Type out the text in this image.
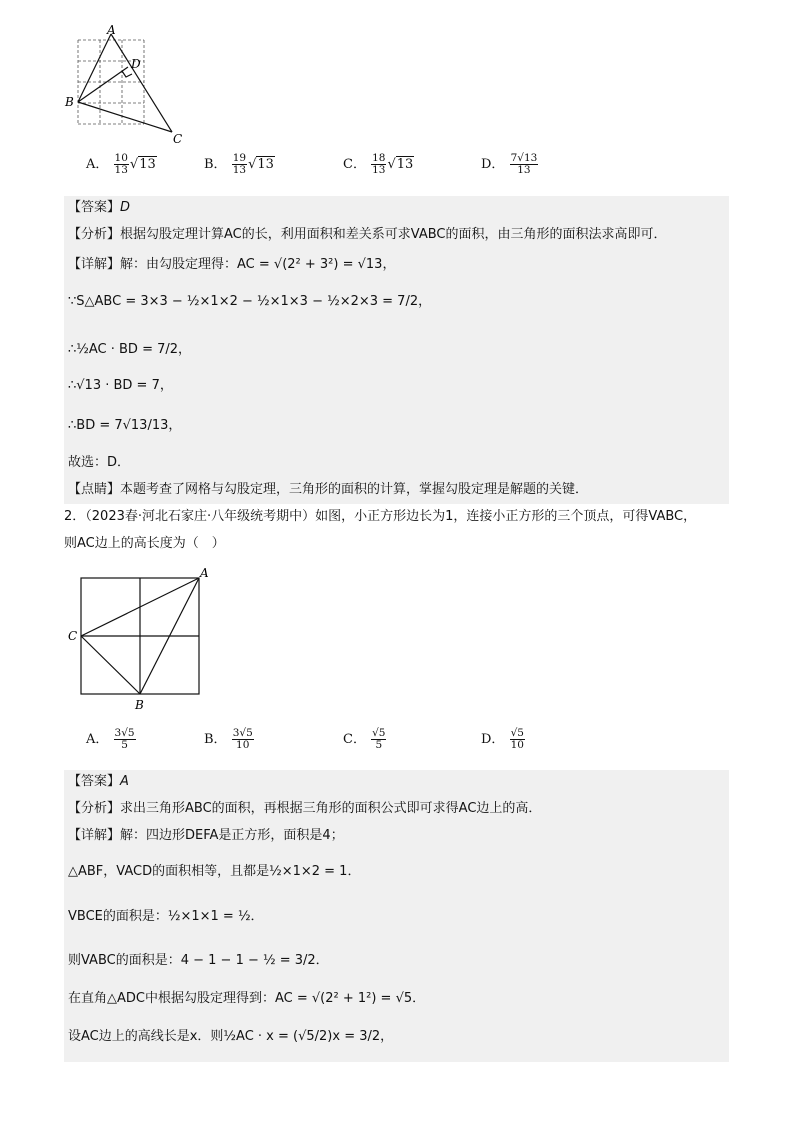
A
B
C
D
A． $\frac{10}{13} √13$	B． $\frac{19}{13} √13$	C． $\frac{18}{13} √13$	D． $\frac{7√13}{13}$
【答案】D
【分析】根据勾股定理计算AC的长，利用面积和差关系可求VABC的面积，由三角形的面积法求高即可．
【详解】解：由勾股定理得：AC = √(2² + 3²) = √13，
∵S△ABC = 3×3 − ½×1×2 − ½×1×3 − ½×2×3 = 7/2，
∴½AC · BD = 7/2，
∴√13 · BD = 7，
∴BD = 7√13/13，
故选：D．
【点睛】本题考查了网格与勾股定理，三角形的面积的计算，掌握勾股定理是解题的关键．
2．（2023春·河北石家庄·八年级统考期中）如图，小正方形边长为1，连接小正方形的三个顶点，可得VABC，
则AC边上的高长度为（　）
A
B
C
A． $\frac{3√5}{5}$	B． $\frac{3√5}{10}$	C． $\frac{√5}{5}$	D． $\frac{√5}{10}$
【答案】A
【分析】求出三角形ABC的面积，再根据三角形的面积公式即可求得AC边上的高．
【详解】解：四边形DEFA是正方形，面积是4；
△ABF，VACD的面积相等，且都是½×1×2 = 1．
VBCE的面积是：½×1×1 = ½．
则VABC的面积是：4 − 1 − 1 − ½ = 3/2．
在直角△ADC中根据勾股定理得到：AC = √(2² + 1²) = √5．
设AC边上的高线长是x．则½AC · x = (√5/2)x = 3/2，
